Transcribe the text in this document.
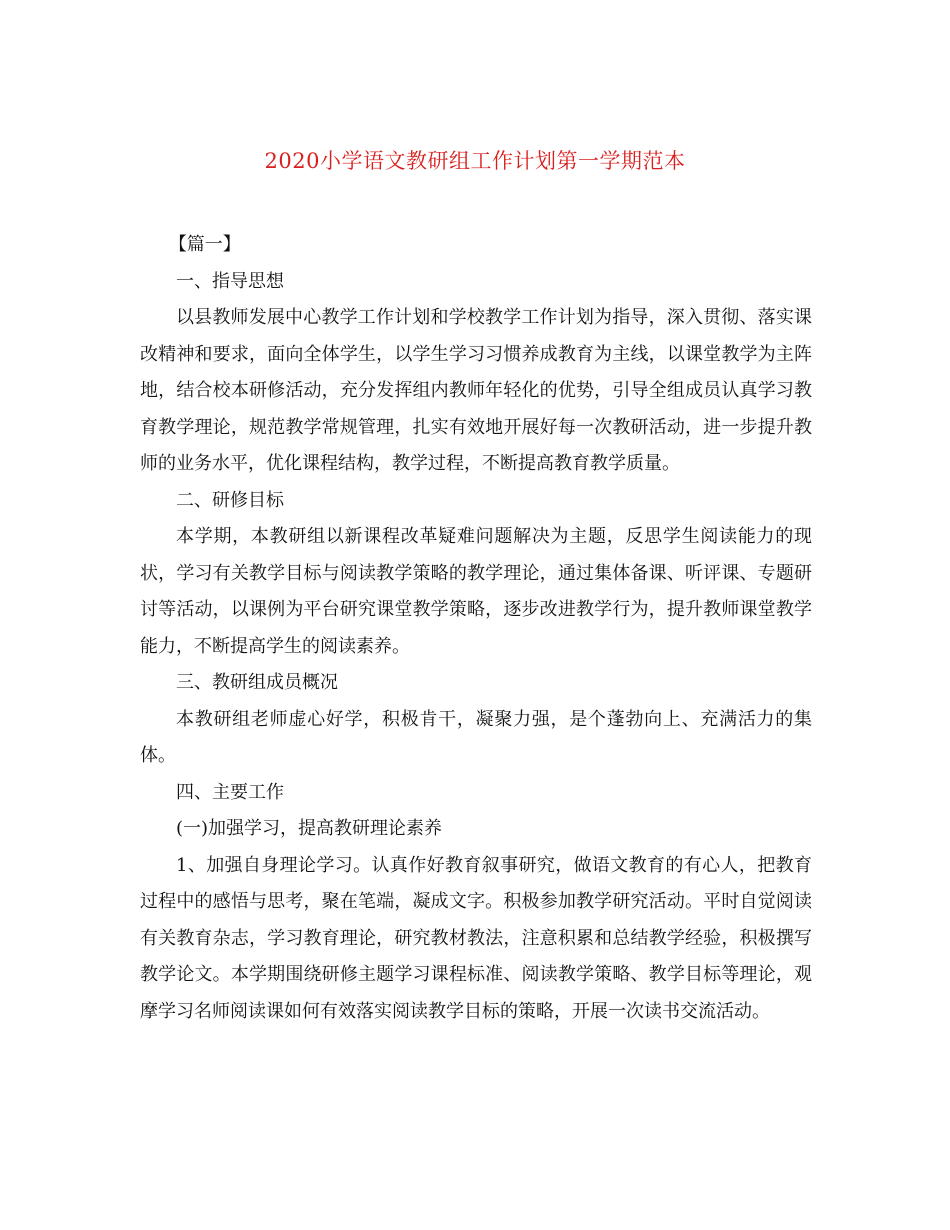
2020小学语文教研组工作计划第一学期范本

【篇一】

一、指导思想

以县教师发展中心教学工作计划和学校教学工作计划为指导，深入贯彻、落实课改精神和要求，面向全体学生，以学生学习习惯养成教育为主线，以课堂教学为主阵地，结合校本研修活动，充分发挥组内教师年轻化的优势，引导全组成员认真学习教育教学理论，规范教学常规管理，扎实有效地开展好每一次教研活动，进一步提升教师的业务水平，优化课程结构，教学过程，不断提高教育教学质量。

二、研修目标

本学期，本教研组以新课程改革疑难问题解决为主题，反思学生阅读能力的现状，学习有关教学目标与阅读教学策略的教学理论，通过集体备课、听评课、专题研讨等活动，以课例为平台研究课堂教学策略，逐步改进教学行为，提升教师课堂教学能力，不断提高学生的阅读素养。

三、教研组成员概况

本教研组老师虚心好学，积极肯干，凝聚力强，是个蓬勃向上、充满活力的集体。

四、主要工作

(一)加强学习，提高教研理论素养

1、加强自身理论学习。认真作好教育叙事研究，做语文教育的有心人，把教育过程中的感悟与思考，聚在笔端，凝成文字。积极参加教学研究活动。平时自觉阅读有关教育杂志，学习教育理论，研究教材教法，注意积累和总结教学经验，积极撰写教学论文。本学期围绕研修主题学习课程标准、阅读教学策略、教学目标等理论，观摩学习名师阅读课如何有效落实阅读教学目标的策略，开展一次读书交流活动。
